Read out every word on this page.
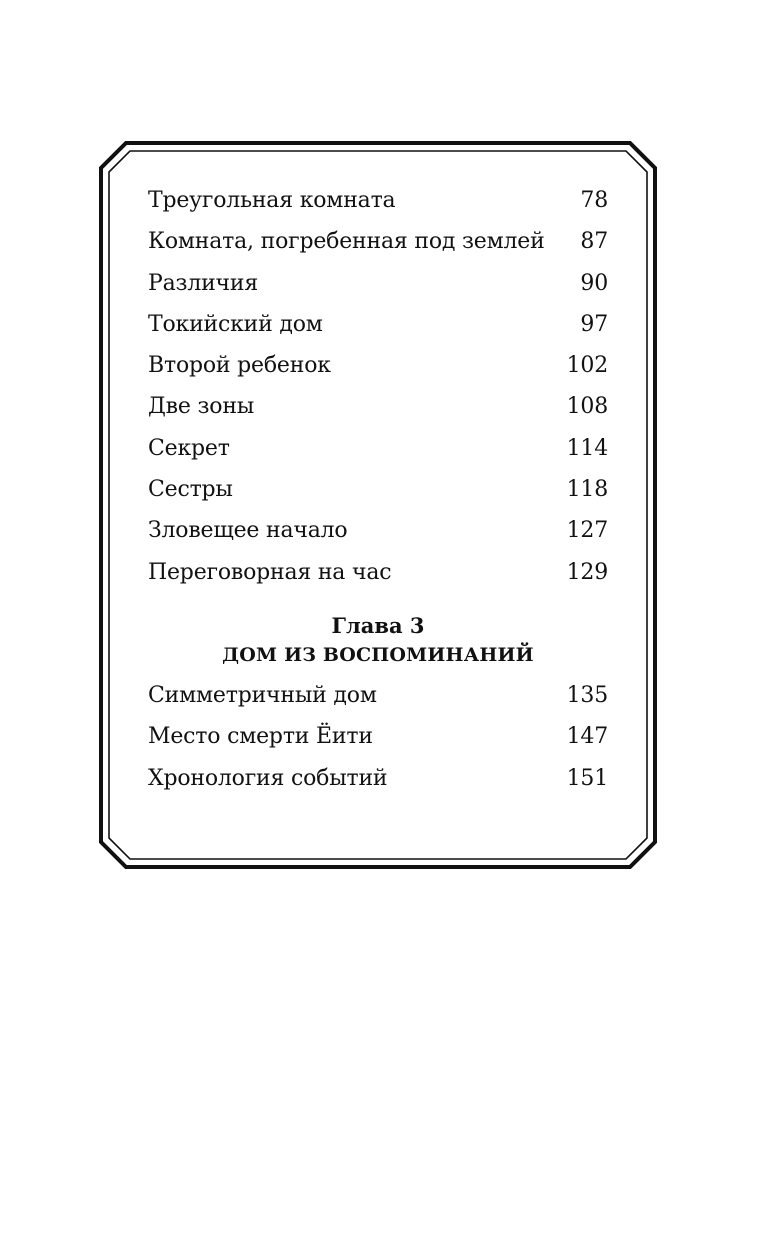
Треугольная комната	78
Комната, погребенная под землей 87
Различия	90
Токийский дом	97
Второй ребенок	102
Две зоны	108
Секрет	114
Сестры	118
Зловещее начало	127
Переговорная на час	129
Глава 3
ДОМ ИЗ ВОСПОМИНАНИЙ
Симметричный дом	135
Место смерти Ёити	147
Хронология событий	151
